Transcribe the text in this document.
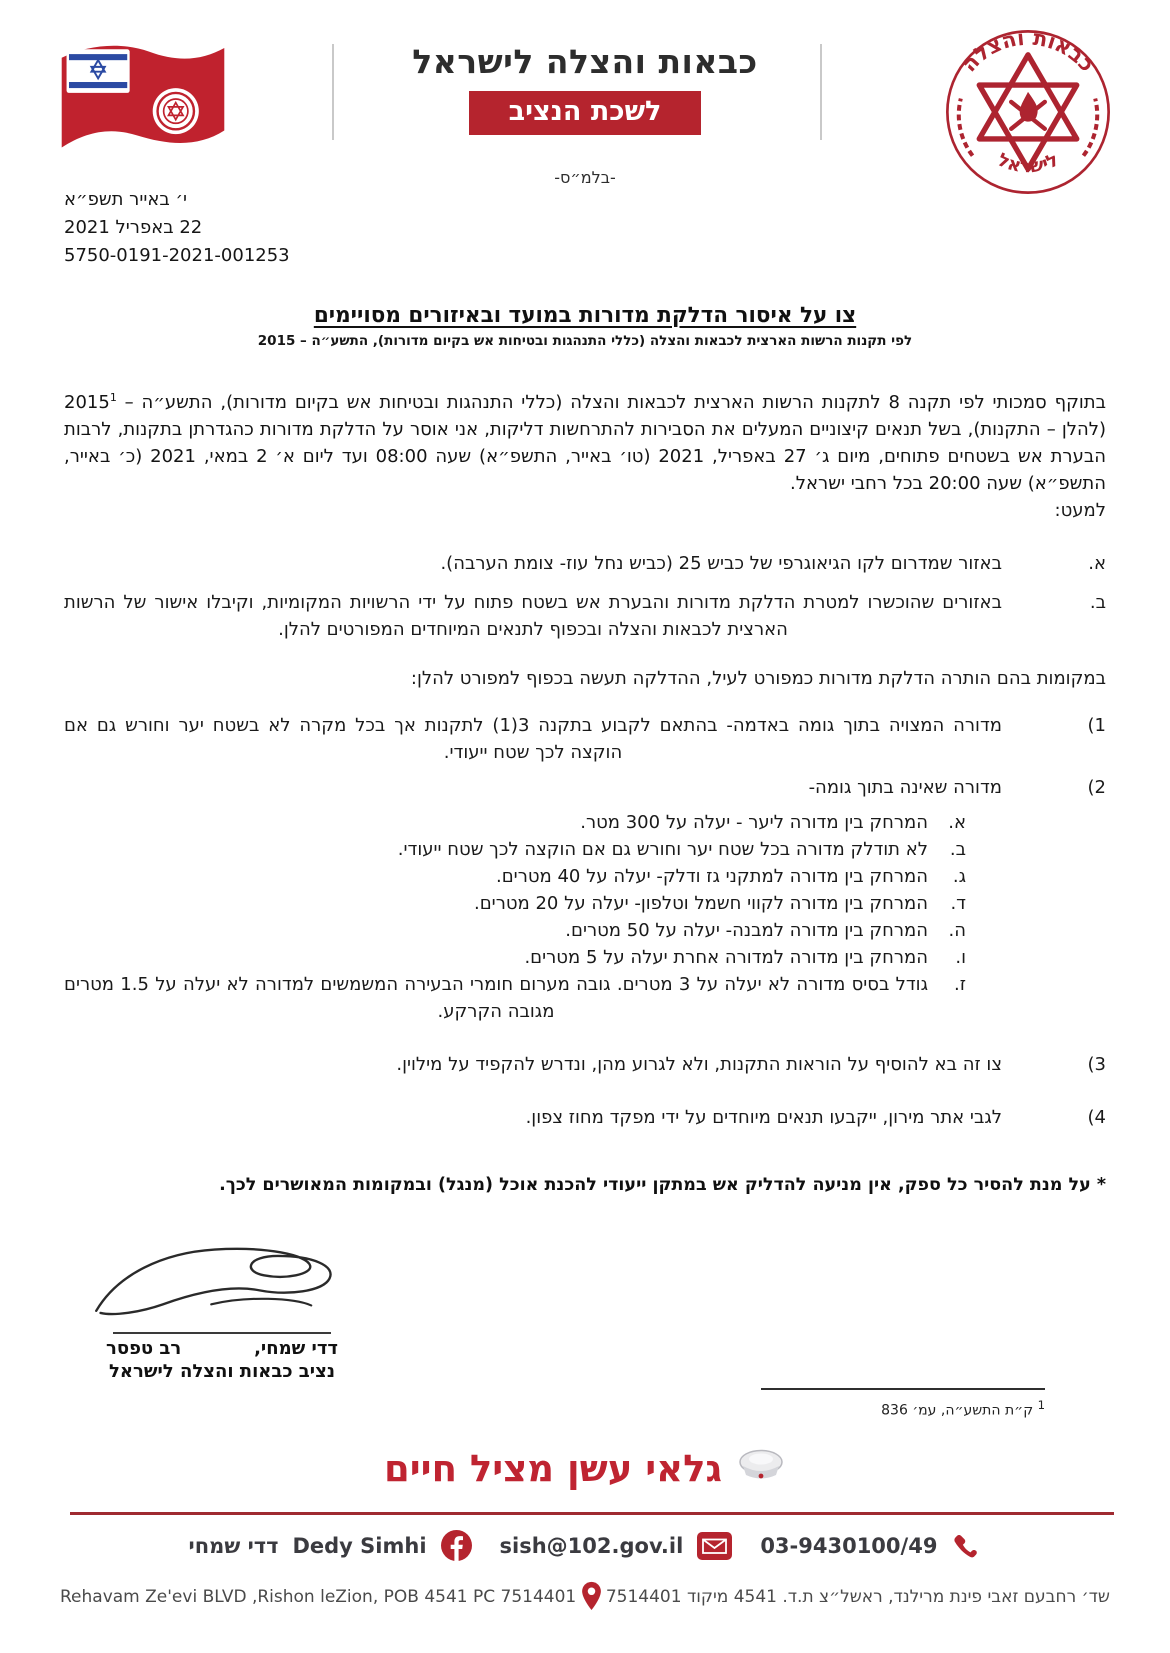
כבאות והצלה לישראל
לשכת הנציב
כבאות והצלה
לישראל
-בלמ״ס-
י׳ באייר תשפ״א
22 באפריל 2021
5750-0191-2021-001253
צו על איסור הדלקת מדורות במועד ובאיזורים מסויימים
לפי תקנות הרשות הארצית לכבאות והצלה (כללי התנהגות ובטיחות אש בקיום מדורות), התשע״ה – 2015

בתוקף סמכותי לפי תקנה 8 לתקנות הרשות הארצית לכבאות והצלה (כללי התנהגות ובטיחות אש בקיום מדורות), התשע״ה – 2015$^1$ (להלן – התקנות), בשל תנאים קיצוניים המעלים את הסבירות להתרחשות דליקות, אני אוסר על הדלקת מדורות כהגדרתן בתקנות, לרבות הבערת אש בשטחים פתוחים, מיום ג׳ 27 באפריל, 2021 (טו׳ באייר, התשפ״א) שעה 08:00 ועד ליום א׳ 2 במאי, 2021 (כ׳ באייר, התשפ״א) שעה 20:00 בכל רחבי ישראל.

למעט:
א.
באזור שמדרום לקו הגיאוגרפי של כביש 25 (כביש נחל עוז- צומת הערבה).
ב.
באזורים שהוכשרו למטרת הדלקת מדורות והבערת אש בשטח פתוח על ידי הרשויות המקומיות, וקיבלו אישור של הרשות הארצית לכבאות והצלה ובכפוף לתנאים המיוחדים המפורטים להלן.
במקומות בהם הותרה הדלקת מדורות כמפורט לעיל, ההדלקה תעשה בכפוף למפורט להלן:
1)
מדורה המצויה בתוך גומה באדמה- בהתאם לקבוע בתקנה 3(1) לתקנות אך בכל מקרה לא בשטח יער וחורש גם אם הוקצה לכך שטח ייעודי.
2)
מדורה שאינה בתוך גומה-
א.
המרחק בין מדורה ליער - יעלה על 300 מטר.
ב.
לא תודלק מדורה בכל שטח יער וחורש גם אם הוקצה לכך שטח ייעודי.
ג.
המרחק בין מדורה למתקני גז ודלק- יעלה על 40 מטרים.
ד.
המרחק בין מדורה לקווי חשמל וטלפון- יעלה על 20 מטרים.
ה.
המרחק בין מדורה למבנה- יעלה על 50 מטרים.
ו.
המרחק בין מדורה למדורה אחרת יעלה על 5 מטרים.
ז.
גודל בסיס מדורה לא יעלה על 3 מטרים. גובה מערום חומרי הבעירה המשמשים למדורה לא יעלה על 1.5 מטרים מגובה הקרקע.
3)
צו זה בא להוסיף על הוראות התקנות, ולא לגרוע מהן, ונדרש להקפיד על מילוין.
4)
לגבי אתר מירון, ייקבעו תנאים מיוחדים על ידי מפקד מחוז צפון.
* על מנת להסיר כל ספק, אין מניעה להדליק אש במתקן ייעודי להכנת אוכל (מנגל) ובמקומות המאושרים לכך.
דדי שמחי,
רב טפסר
נציב כבאות והצלה לישראל
$^1$ ק״ת התשע״ה, עמ׳ 836
גלאי עשן מציל חיים
דדי שמחי Dedy Simhi	sish@102.gov.il	03-9430100/49
Rehavam Ze'evi BLVD ,Rishon leZion, POB 4541 PC 7514401 שד׳ רחבעם זאבי פינת מרילנד, ראשל״צ ת.ד. 4541 מיקוד 7514401
